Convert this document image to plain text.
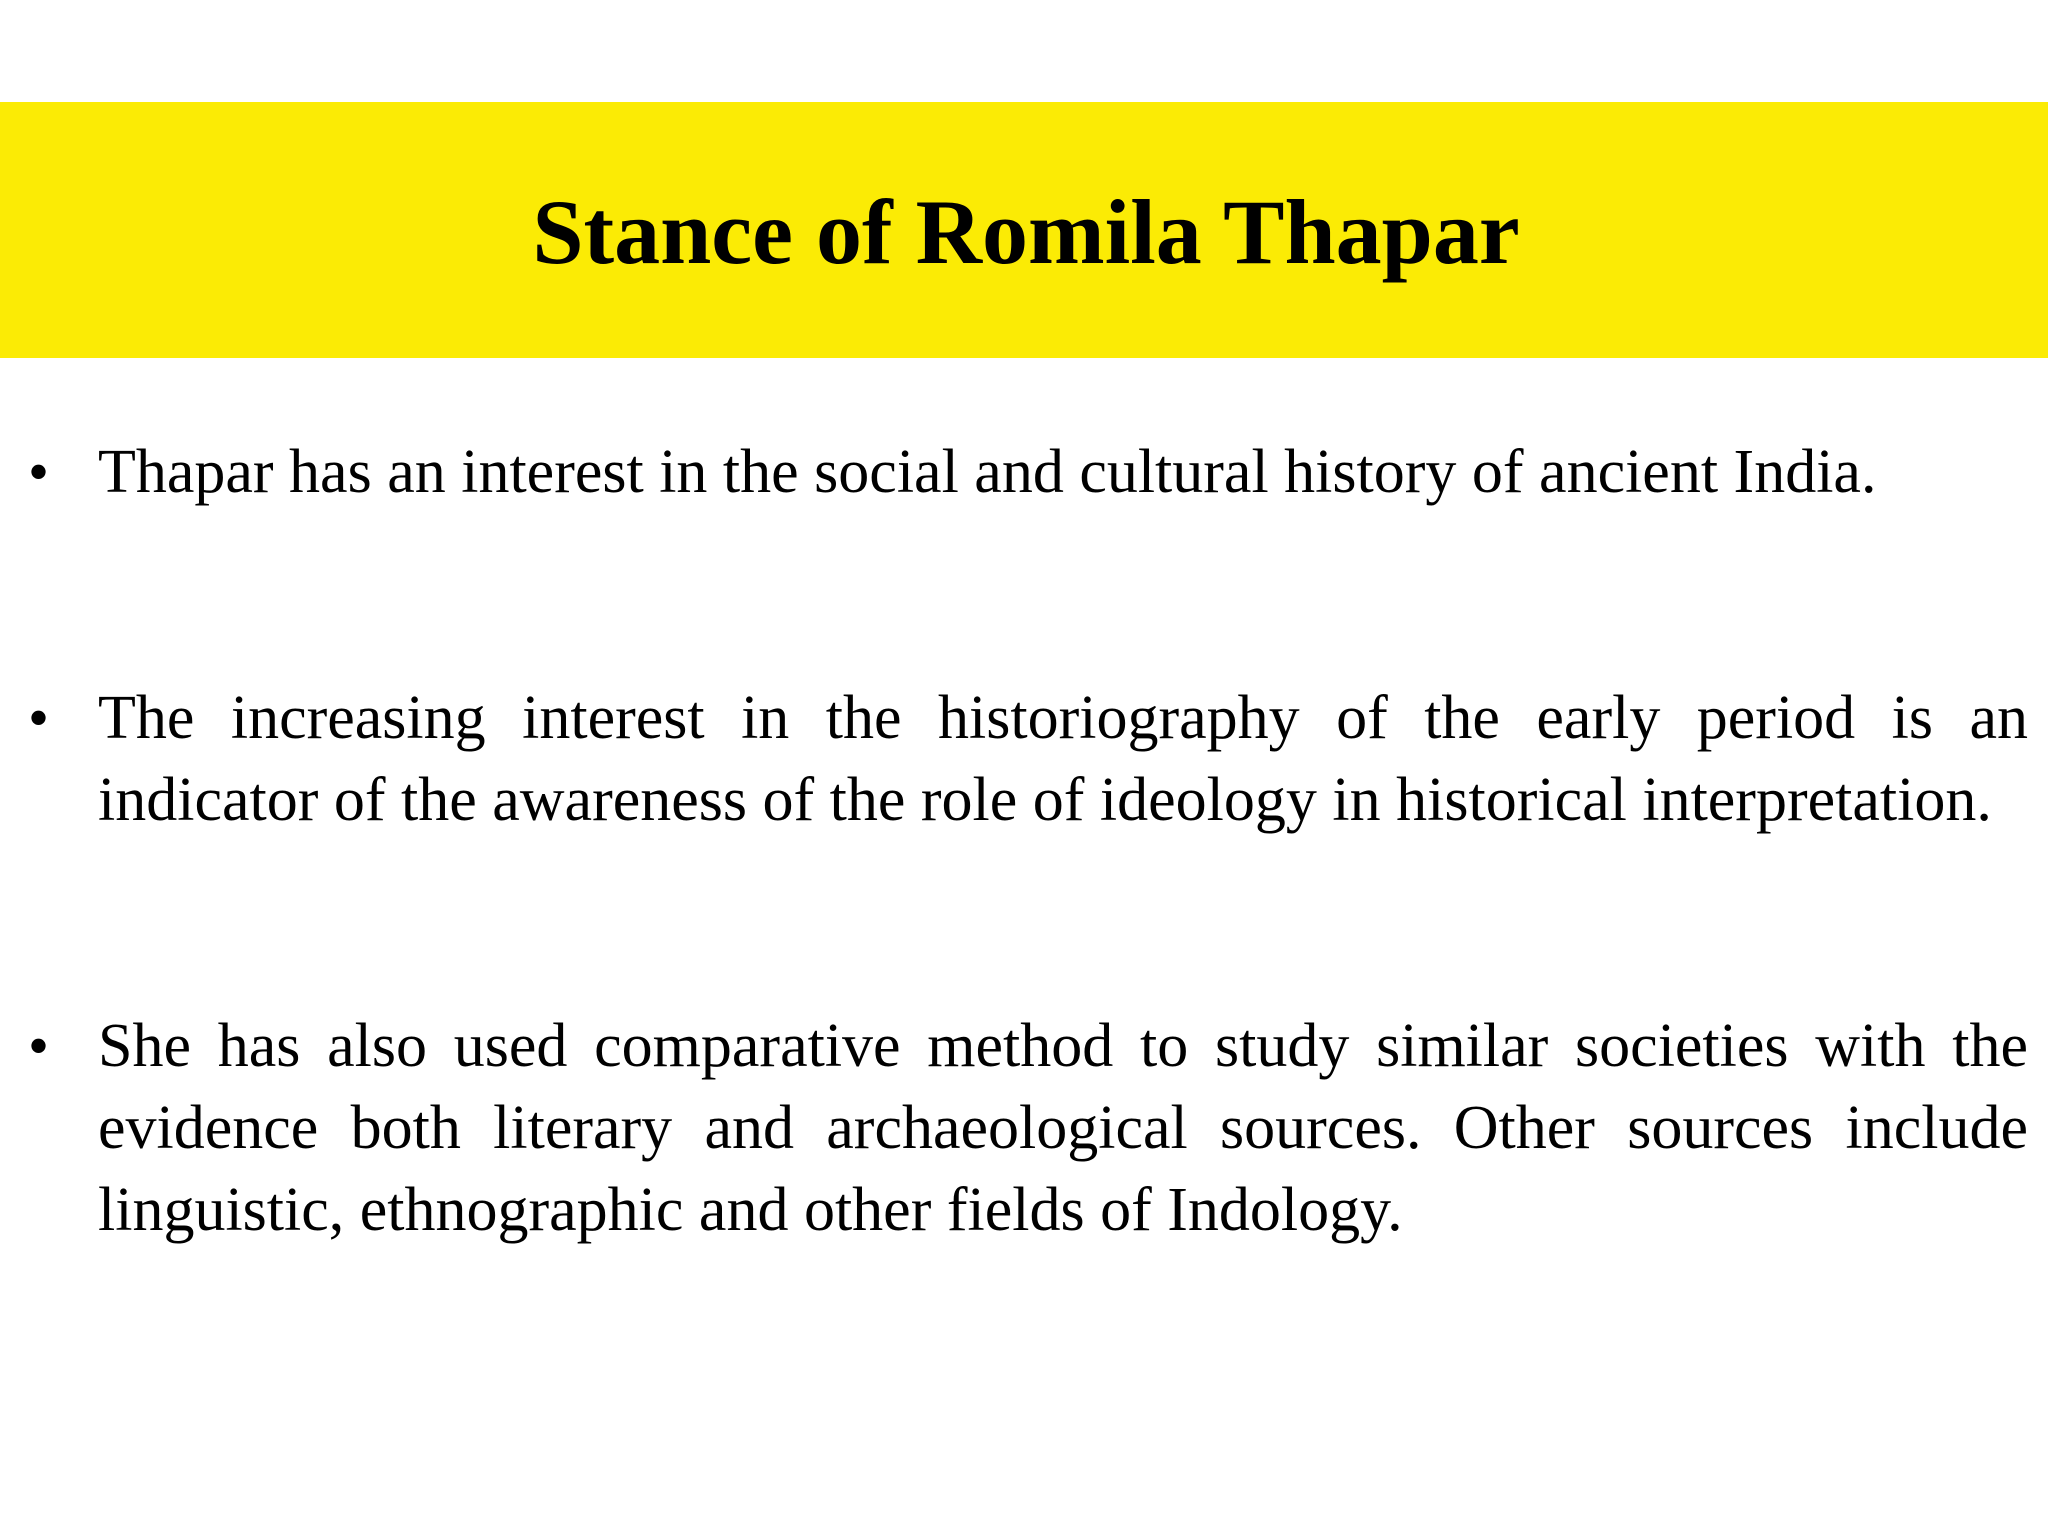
Stance of Romila Thapar
• Thapar has an interest in the social and cultural history of ancient India.

• The increasing interest in the historiography of the early period is an indicator of the awareness of the role of ideology in historical interpretation.

• She has also used comparative method to study similar societies with the evidence both literary and archaeological sources. Other sources include linguistic, ethnographic and other fields of Indology.
